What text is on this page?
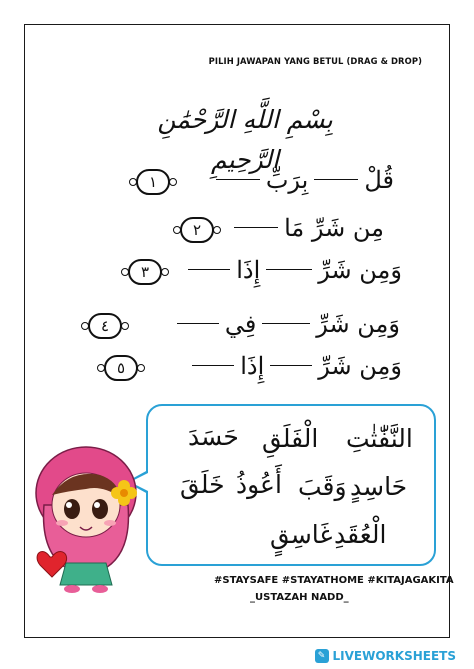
PILIH JAWAPAN YANG BETUL (DRAG & DROP)
بِسْمِ اللَّهِ الرَّحْمَٰنِ الرَّحِيمِ
قُلْ
بِرَبِّ
١
مِن شَرِّ مَا
٢
وَمِن شَرِّ
إِذَا
٣
وَمِن شَرِّ
فِي
٤
وَمِن شَرِّ
إِذَا
٥
النَّفّٰثٰتِ
الْفَلَقِ
حَسَدَ
حَاسِدٍ
وَقَبَ
أَعُوذُ
خَلَقَ
الْعُقَدِ
غَاسِقٍ
#STAYSAFE #STAYATHOME #KITAJAGAKITA
_USTAZAH NADD_
✎ LIVEWORKSHEETS
